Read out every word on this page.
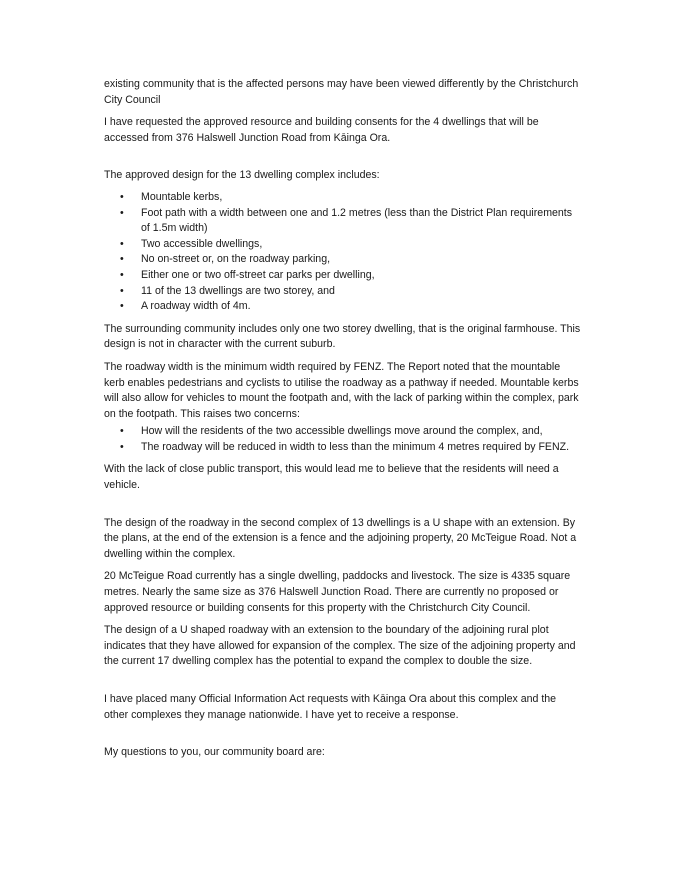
existing community that is the affected persons may have been viewed differently by the Christchurch City Council

I have requested the approved resource and building consents for the 4 dwellings that will be accessed from 376 Halswell Junction Road from Kāinga Ora.

The approved design for the 13 dwelling complex includes:

• Mountable kerbs,
• Foot path with a width between one and 1.2 metres (less than the District Plan requirements of 1.5m width)
• Two accessible dwellings,
• No on-street or, on the roadway parking,
• Either one or two off-street car parks per dwelling,
• 11 of the 13 dwellings are two storey, and
• A roadway width of 4m.

The surrounding community includes only one two storey dwelling, that is the original farmhouse. This design is not in character with the current suburb.

The roadway width is the minimum width required by FENZ. The Report noted that the mountable kerb enables pedestrians and cyclists to utilise the roadway as a pathway if needed. Mountable kerbs will also allow for vehicles to mount the footpath and, with the lack of parking within the complex, park on the footpath. This raises two concerns:

• How will the residents of the two accessible dwellings move around the complex, and,
• The roadway will be reduced in width to less than the minimum 4 metres required by FENZ.

With the lack of close public transport, this would lead me to believe that the residents will need a vehicle.

The design of the roadway in the second complex of 13 dwellings is a U shape with an extension. By the plans, at the end of the extension is a fence and the adjoining property, 20 McTeigue Road. Not a dwelling within the complex.

20 McTeigue Road currently has a single dwelling, paddocks and livestock. The size is 4335 square metres. Nearly the same size as 376 Halswell Junction Road. There are currently no proposed or approved resource or building consents for this property with the Christchurch City Council.

The design of a U shaped roadway with an extension to the boundary of the adjoining rural plot indicates that they have allowed for expansion of the complex. The size of the adjoining property and the current 17 dwelling complex has the potential to expand the complex to double the size.

I have placed many Official Information Act requests with Kāinga Ora about this complex and the other complexes they manage nationwide. I have yet to receive a response.

My questions to you, our community board are:
